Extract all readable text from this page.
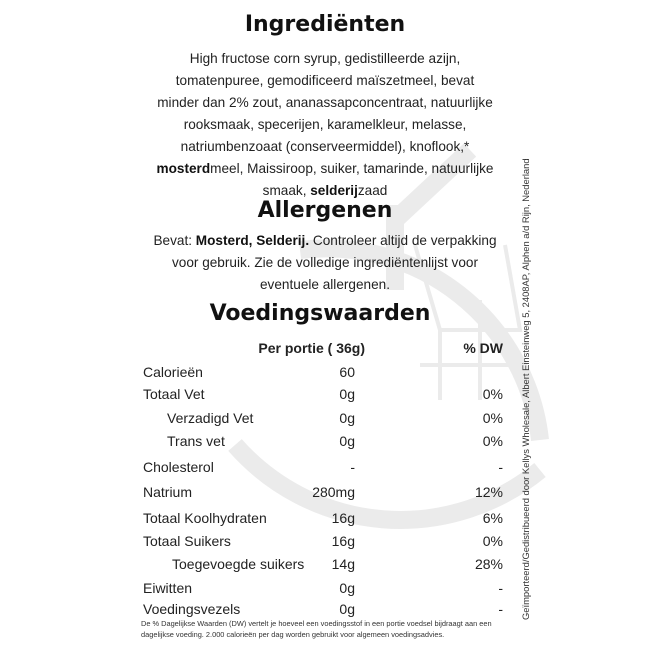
Ingrediënten
High fructose corn syrup, gedistilleerde azijn,
tomatenpuree, gemodificeerd maïszetmeel, bevat
minder dan 2% zout, ananassapconcentraat, natuurlijke
rooksmaak, specerijen, karamelkleur, melasse,
natriumbenzoaat (conserveermiddel), knoflook,*
mosterdmeel, Maissiroop, suiker, tamarinde, natuurlijke
smaak, selderijzaad
Allergenen
Bevat: Mosterd, Selderij. Controleer altijd de verpakking
voor gebruik. Zie de volledige ingrediëntenlijst voor
eventuele allergenen.
Voedingswaarden
Per portie ( 36g)	% DW
Calorieën	60
Totaal Vet	0g	0%
Verzadigd Vet	0g	0%
Trans vet	0g	0%
Cholesterol	-	-
Natrium	280mg	12%
Totaal Koolhydraten	16g	6%
Totaal Suikers	16g	0%
Toegevoegde suikers 14g	28%
Eiwitten	0g	-
Voedingsvezels	0g	-
De % Dagelijkse Waarden (DW) vertelt je hoeveel een voedingsstof in een portie voedsel bijdraagt aan een dagelijkse voeding. 2.000 calorieën per dag worden gebruikt voor algemeen voedingsadvies.
Geïmporteerd/Gedistribueerd door Kellys Wholesale, Albert Einsteinweg 5, 2408AP, Alphen a/d Rijn, Nederland
